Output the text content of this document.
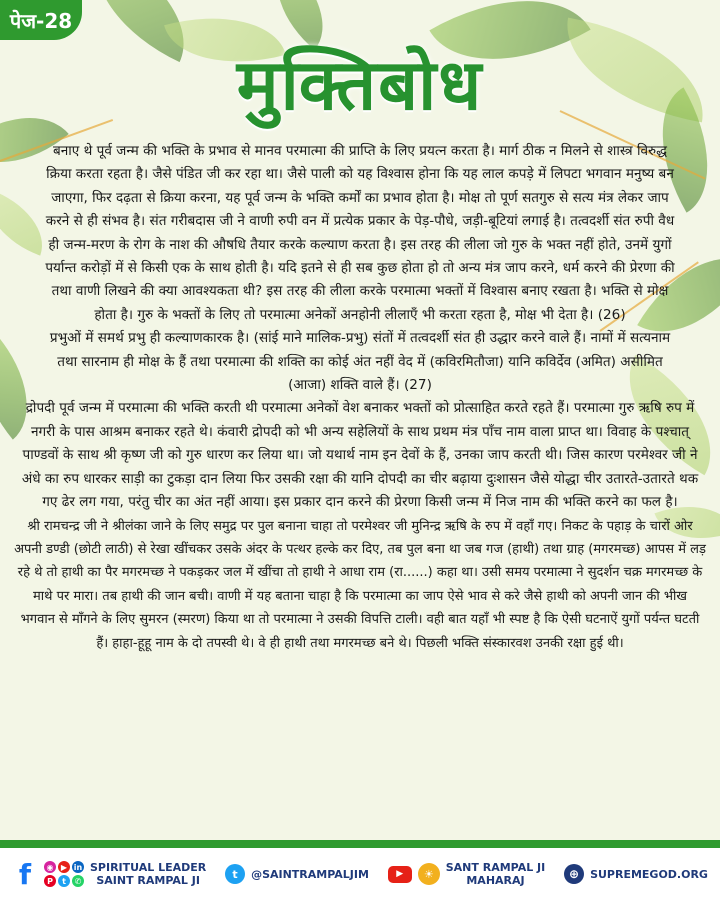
पेज-28
मुक्तिबोध

बनाए थे पूर्व जन्म की भक्ति के प्रभाव से मानव परमात्मा की प्राप्ति के लिए प्रयत्न करता है। मार्ग ठीक न मिलने से शास्त्र विरुद्ध क्रिया करता रहता है। जैसे पंडित जी कर रहा था। जैसे पाली को यह विश्वास होना कि यह लाल कपड़े में लिपटा भगवान मनुष्य बन जाएगा, फिर दढ़ता से क्रिया करना, यह पूर्व जन्म के भक्ति कर्मों का प्रभाव होता है। मोक्ष तो पूर्ण सतगुरु से सत्य मंत्र लेकर जाप करने से ही संभव है। संत गरीबदास जी ने वाणी रुपी वन में प्रत्येक प्रकार के पेड़-पौधे, जड़ी-बूटियां लगाई है। तत्वदर्शी संत रुपी वैध ही जन्म-मरण के रोग के नाश की औषधि तैयार करके कल्याण करता है। इस तरह की लीला जो गुरु के भक्त नहीं होते, उनमें युगों पर्यान्त करोड़ों में से किसी एक के साथ होती है। यदि इतने से ही सब कुछ होता हो तो अन्य मंत्र जाप करने, धर्म करने की प्रेरणा की तथा वाणी लिखने की क्या आवश्यकता थी? इस तरह की लीला करके परमात्मा भक्तों में विश्वास बनाए रखता है। भक्ति से मोक्ष होता है। गुरु के भक्तों के लिए तो परमात्मा अनेकों अनहोनी लीलाएँ भी करता रहता है, मोक्ष भी देता है। (26)

प्रभुओं में समर्थ प्रभु ही कल्याणकारक है। (सांई माने मालिक-प्रभु) संतों में तत्वदर्शी संत ही उद्धार करने वाले हैं। नामों में सत्यनाम तथा सारनाम ही मोक्ष के हैं तथा परमात्मा की शक्ति का कोई अंत नहीं वेद में (कविरमितौजा) यानि कविर्देव (अमित) असीमित (आजा) शक्ति वाले हैं। (27)

द्रोपदी पूर्व जन्म में परमात्मा की भक्ति करती थी परमात्मा अनेकों वेश बनाकर भक्तों को प्रोत्साहित करते रहते हैं। परमात्मा गुरु ऋषि रुप में नगरी के पास आश्रम बनाकर रहते थे। कंवारी द्रोपदी को भी अन्य सहेलियों के साथ प्रथम मंत्र पाँच नाम वाला प्राप्त था। विवाह के पश्चात् पाण्डवों के साथ श्री कृष्ण जी को गुरु धारण कर लिया था। जो यथार्थ नाम इन देवों के हैं, उनका जाप करती थी। जिस कारण परमेश्वर जी ने अंधे का रुप धारकर साड़ी का टुकड़ा दान लिया फिर उसकी रक्षा की यानि दोपदी का चीर बढ़ाया दुःशासन जैसे योद्धा चीर उतारते-उतारते थक गए ढेर लग गया, परंतु चीर का अंत नहीं आया। इस प्रकार दान करने की प्रेरणा किसी जन्म में निज नाम की भक्ति करने का फल है।

श्री रामचन्द्र जी ने श्रीलंका जाने के लिए समुद्र पर पुल बनाना चाहा तो परमेश्वर जी मुनिन्द्र ऋषि के रुप में वहाँ गए। निकट के पहाड़ के चारों ओर अपनी डण्डी (छोटी लाठी) से रेखा खींचकर उसके अंदर के पत्थर हल्के कर दिए, तब पुल बना था जब गज (हाथी) तथा ग्राह (मगरमच्छ) आपस में लड़ रहे थे तो हाथी का पैर मगरमच्छ ने पकड़कर जल में खींचा तो हाथी ने आधा राम (रा......) कहा था। उसी समय परमात्मा ने सुदर्शन चक्र मगरमच्छ के माथे पर मारा। तब हाथी की जान बची। वाणी में यह बताना चाहा है कि परमात्मा का जाप ऐसे भाव से करे जैसे हाथी को अपनी जान की भीख भगवान से माँगने के लिए सुमरन (स्मरण) किया था तो परमात्मा ने उसकी विपत्ति टाली। वही बात यहाँ भी स्पष्ट है कि ऐसी घटनाऐं युगों पर्यन्त घटती हैं। हाहा-हूहू नाम के दो तपस्वी थे। वे ही हाथी तथा मगरमच्छ बने थे। पिछली भक्ति संस्कारवश उनकी रक्षा हुई थी।

f	◉ ▶ in
P	t	✆
SPIRITUAL LEADER
SAINT RAMPAL JI	t	@SAINTRAMPALJIM	▶	☀	SANT RAMPAL JI
MAHARAJ	⊕ SUPREMEGOD.ORG
